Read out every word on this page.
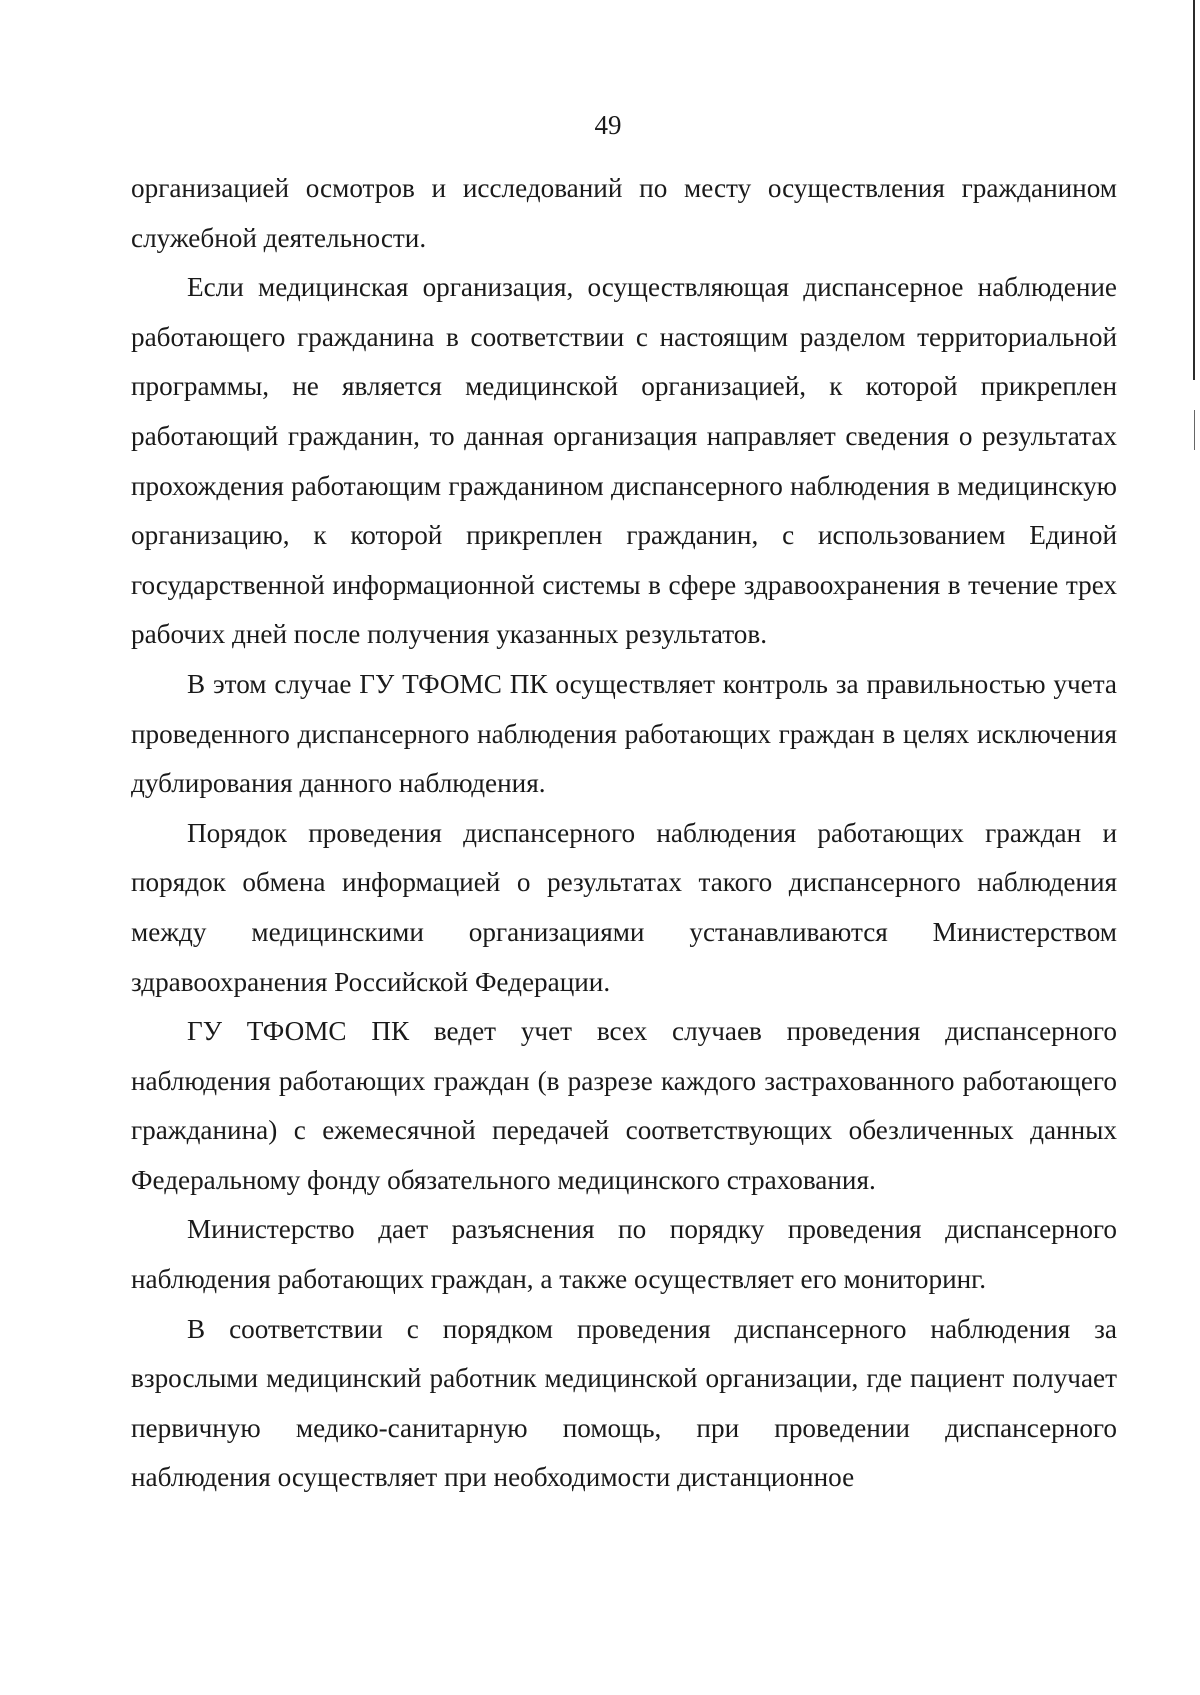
49

организацией осмотров и исследований по месту осуществления гражданином служебной деятельности.

Если медицинская организация, осуществляющая диспансерное наблюдение работающего гражданина в соответствии с настоящим разделом территориальной программы, не является медицинской организацией, к которой прикреплен работающий гражданин, то данная организация направляет сведения о результатах прохождения работающим гражданином диспансерного наблюдения в медицинскую организацию, к которой прикреплен гражданин, с использованием Единой государственной информационной системы в сфере здравоохранения в течение трех рабочих дней после получения указанных результатов.

В этом случае ГУ ТФОМС ПК осуществляет контроль за правильностью учета проведенного диспансерного наблюдения работающих граждан в целях исключения дублирования данного наблюдения.

Порядок проведения диспансерного наблюдения работающих граждан и порядок обмена информацией о результатах такого диспансерного наблюдения между медицинскими организациями устанавливаются Министерством здравоохранения Российской Федерации.

ГУ ТФОМС ПК ведет учет всех случаев проведения диспансерного наблюдения работающих граждан (в разрезе каждого застрахованного работающего гражданина) с ежемесячной передачей соответствующих обезличенных данных Федеральному фонду обязательного медицинского страхования.

Министерство дает разъяснения по порядку проведения диспансерного наблюдения работающих граждан, а также осуществляет его мониторинг.

В соответствии с порядком проведения диспансерного наблюдения за взрослыми медицинский работник медицинской организации, где пациент получает первичную медико-санитарную помощь, при проведении диспансерного наблюдения осуществляет при необходимости дистанционное
